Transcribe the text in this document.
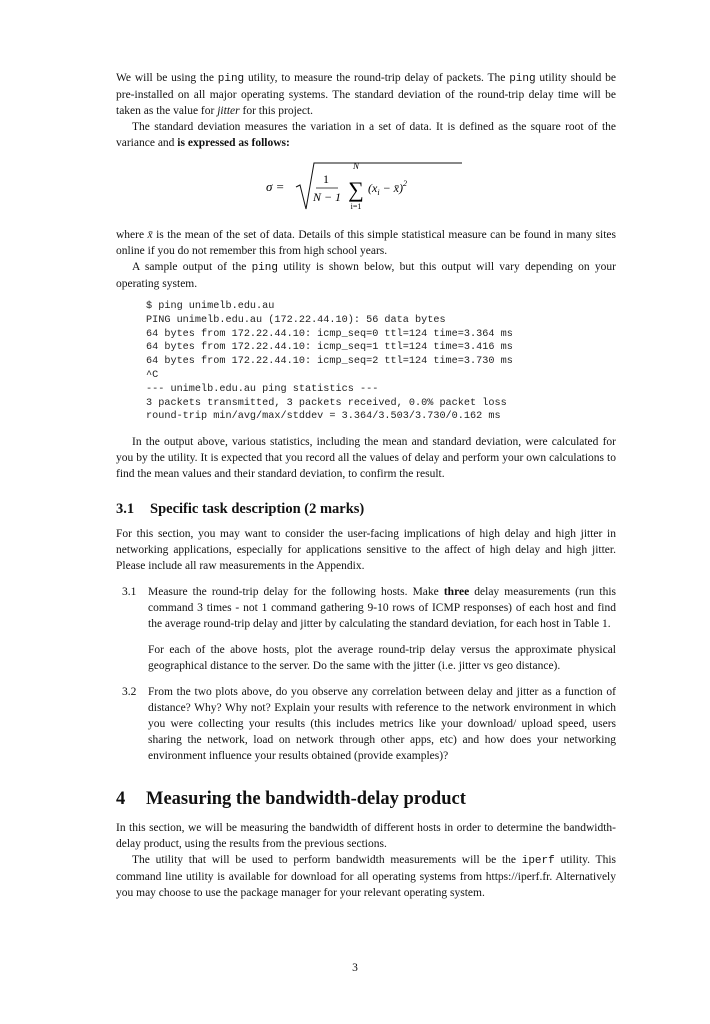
We will be using the ping utility, to measure the round-trip delay of packets. The ping utility should be pre-installed on all major operating systems. The standard deviation of the round-trip delay time will be taken as the value for jitter for this project.

The standard deviation measures the variation in a set of data. It is defined as the square root of the variance and is expressed as follows:

σ =	1
N − 1
N
∑
i=1
($x_i$ − x̄)$^2$

where x̄ is the mean of the set of data. Details of this simple statistical measure can be found in many sites online if you do not remember this from high school years.

A sample output of the ping utility is shown below, but this output will vary depending on your operating system.

$ ping unimelb.edu.au
PING unimelb.edu.au (172.22.44.10): 56 data bytes
64 bytes from 172.22.44.10: icmp_seq=0 ttl=124 time=3.364 ms
64 bytes from 172.22.44.10: icmp_seq=1 ttl=124 time=3.416 ms
64 bytes from 172.22.44.10: icmp_seq=2 ttl=124 time=3.730 ms
^C
--- unimelb.edu.au ping statistics ---
3 packets transmitted, 3 packets received, 0.0% packet loss
round-trip min/avg/max/stddev = 3.364/3.503/3.730/0.162 ms

In the output above, various statistics, including the mean and standard deviation, were calculated for you by the utility. It is expected that you record all the values of delay and perform your own calculations to find the mean values and their standard deviation, to confirm the result.

3.1 Specific task description (2 marks)

For this section, you may want to consider the user-facing implications of high delay and high jitter in networking applications, especially for applications sensitive to the affect of high delay and high jitter. Please include all raw measurements in the Appendix.

3.1	Measure the round-trip delay for the following hosts. Make three delay measurements (run this command 3 times - not 1 command gathering 9-10 rows of ICMP responses) of each host and find the average round-trip delay and jitter by calculating the standard deviation, for each host in Table 1.

For each of the above hosts, plot the average round-trip delay versus the approximate physical geographical distance to the server. Do the same with the jitter (i.e. jitter vs geo distance).

3.2	From the two plots above, do you observe any correlation between delay and jitter as a function of distance? Why? Why not? Explain your results with reference to the network environment in which you were collecting your results (this includes metrics like your download/ upload speed, users sharing the network, load on network through other apps, etc) and how does your networking environment influence your results obtained (provide examples)?

4 Measuring the bandwidth-delay product

In this section, we will be measuring the bandwidth of different hosts in order to determine the bandwidth-delay product, using the results from the previous sections.

The utility that will be used to perform bandwidth measurements will be the iperf utility. This command line utility is available for download for all operating systems from https://iperf.fr. Alternatively you may choose to use the package manager for your relevant operating system.

3
